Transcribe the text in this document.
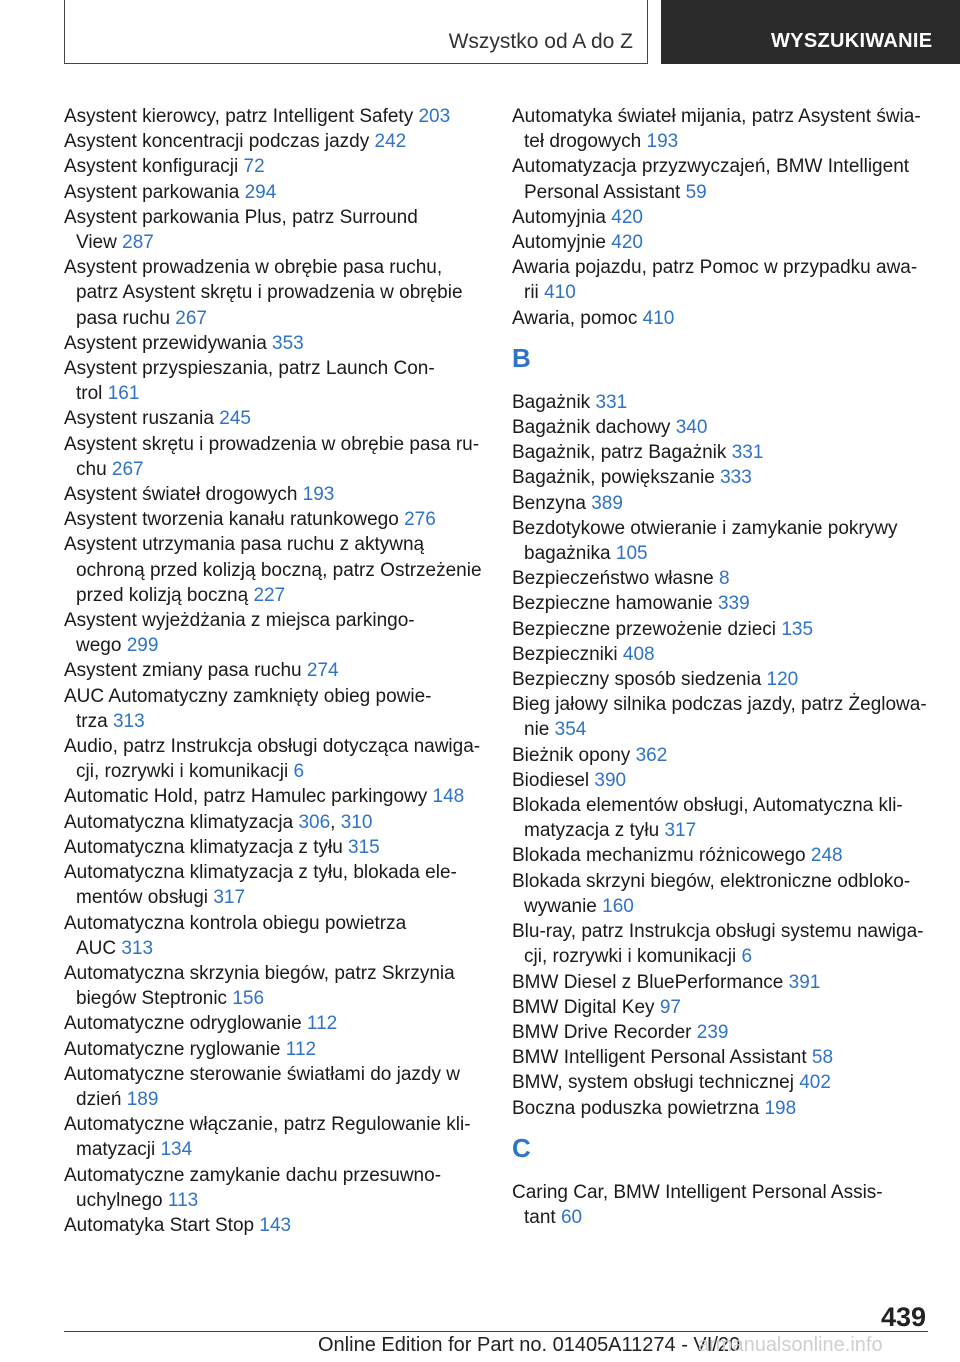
Wszystko od A do Z	WYSZUKIWANIE
Asystent kierowcy, patrz Intelligent Safety 203
Asystent koncentracji podczas jazdy 242
Asystent konfiguracji 72
Asystent parkowania 294
Asystent parkowania Plus, patrz Surround
View 287
Asystent prowadzenia w obrębie pasa ruchu,
patrz Asystent skrętu i prowadzenia w obrębie
pasa ruchu 267
Asystent przewidywania 353
Asystent przyspieszania, patrz Launch Con‐
trol 161
Asystent ruszania 245
Asystent skrętu i prowadzenia w obrębie pasa ru‐
chu 267
Asystent świateł drogowych 193
Asystent tworzenia kanału ratunkowego 276
Asystent utrzymania pasa ruchu z aktywną
ochroną przed kolizją boczną, patrz Ostrzeżenie
przed kolizją boczną 227
Asystent wyjeżdżania z miejsca parkingo‐
wego 299
Asystent zmiany pasa ruchu 274
AUC Automatyczny zamknięty obieg powie‐
trza 313
Audio, patrz Instrukcja obsługi dotycząca nawiga‐
cji, rozrywki i komunikacji 6
Automatic Hold, patrz Hamulec parkingowy 148
Automatyczna klimatyzacja 306, 310
Automatyczna klimatyzacja z tyłu 315
Automatyczna klimatyzacja z tyłu, blokada ele‐
mentów obsługi 317
Automatyczna kontrola obiegu powietrza
AUC 313
Automatyczna skrzynia biegów, patrz Skrzynia
biegów Steptronic 156
Automatyczne odryglowanie 112
Automatyczne ryglowanie 112
Automatyczne sterowanie światłami do jazdy w
dzień 189
Automatyczne włączanie, patrz Regulowanie kli‐
matyzacji 134
Automatyczne zamykanie dachu przesuwno-
uchylnego 113
Automatyka Start Stop 143
Automatyka świateł mijania, patrz Asystent świa‐
teł drogowych 193
Automatyzacja przyzwyczajeń, BMW Intelligent
Personal Assistant 59
Automyjnia 420
Automyjnie 420
Awaria pojazdu, patrz Pomoc w przypadku awa‐
rii 410
Awaria, pomoc 410
B
Bagażnik 331
Bagażnik dachowy 340
Bagażnik, patrz Bagażnik 331
Bagażnik, powiększanie 333
Benzyna 389
Bezdotykowe otwieranie i zamykanie pokrywy
bagażnika 105
Bezpieczeństwo własne 8
Bezpieczne hamowanie 339
Bezpieczne przewożenie dzieci 135
Bezpieczniki 408
Bezpieczny sposób siedzenia 120
Bieg jałowy silnika podczas jazdy, patrz Żeglowa‐
nie 354
Bieżnik opony 362
Biodiesel 390
Blokada elementów obsługi, Automatyczna kli‐
matyzacja z tyłu 317
Blokada mechanizmu różnicowego 248
Blokada skrzyni biegów, elektroniczne odbloko‐
wywanie 160
Blu-ray, patrz Instrukcja obsługi systemu nawiga‐
cji, rozrywki i komunikacji 6
BMW Diesel z BluePerformance 391
BMW Digital Key 97
BMW Drive Recorder 239
BMW Intelligent Personal Assistant 58
BMW, system obsługi technicznej 402
Boczna poduszka powietrzna 198
C
Caring Car, BMW Intelligent Personal Assis‐
tant 60
439
Online Edition for Part no. 01405A11274 - VI/20
armanualsonline.info
